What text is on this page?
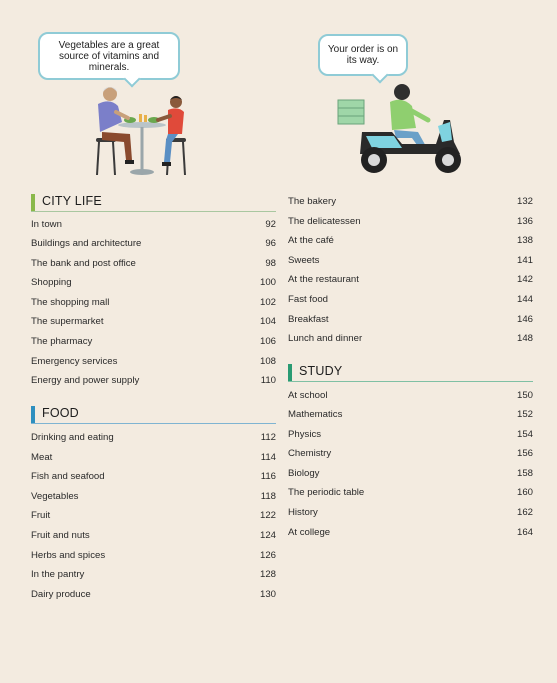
Vegetables are a great source of vitamins and minerals.
Your order is on its way.
CITY LIFE
In town	92
Buildings and architecture	96
The bank and post office	98
Shopping	100
The shopping mall	102
The supermarket	104
The pharmacy	106
Emergency services	108
Energy and power supply	110
FOOD
Drinking and eating	112
Meat	114
Fish and seafood	116
Vegetables	118
Fruit	122
Fruit and nuts	124
Herbs and spices	126
In the pantry	128
Dairy produce	130
The bakery	132
The delicatessen	136
At the café	138
Sweets	141
At the restaurant	142
Fast food	144
Breakfast	146
Lunch and dinner	148
STUDY
At school	150
Mathematics	152
Physics	154
Chemistry	156
Biology	158
The periodic table	160
History	162
At college	164
